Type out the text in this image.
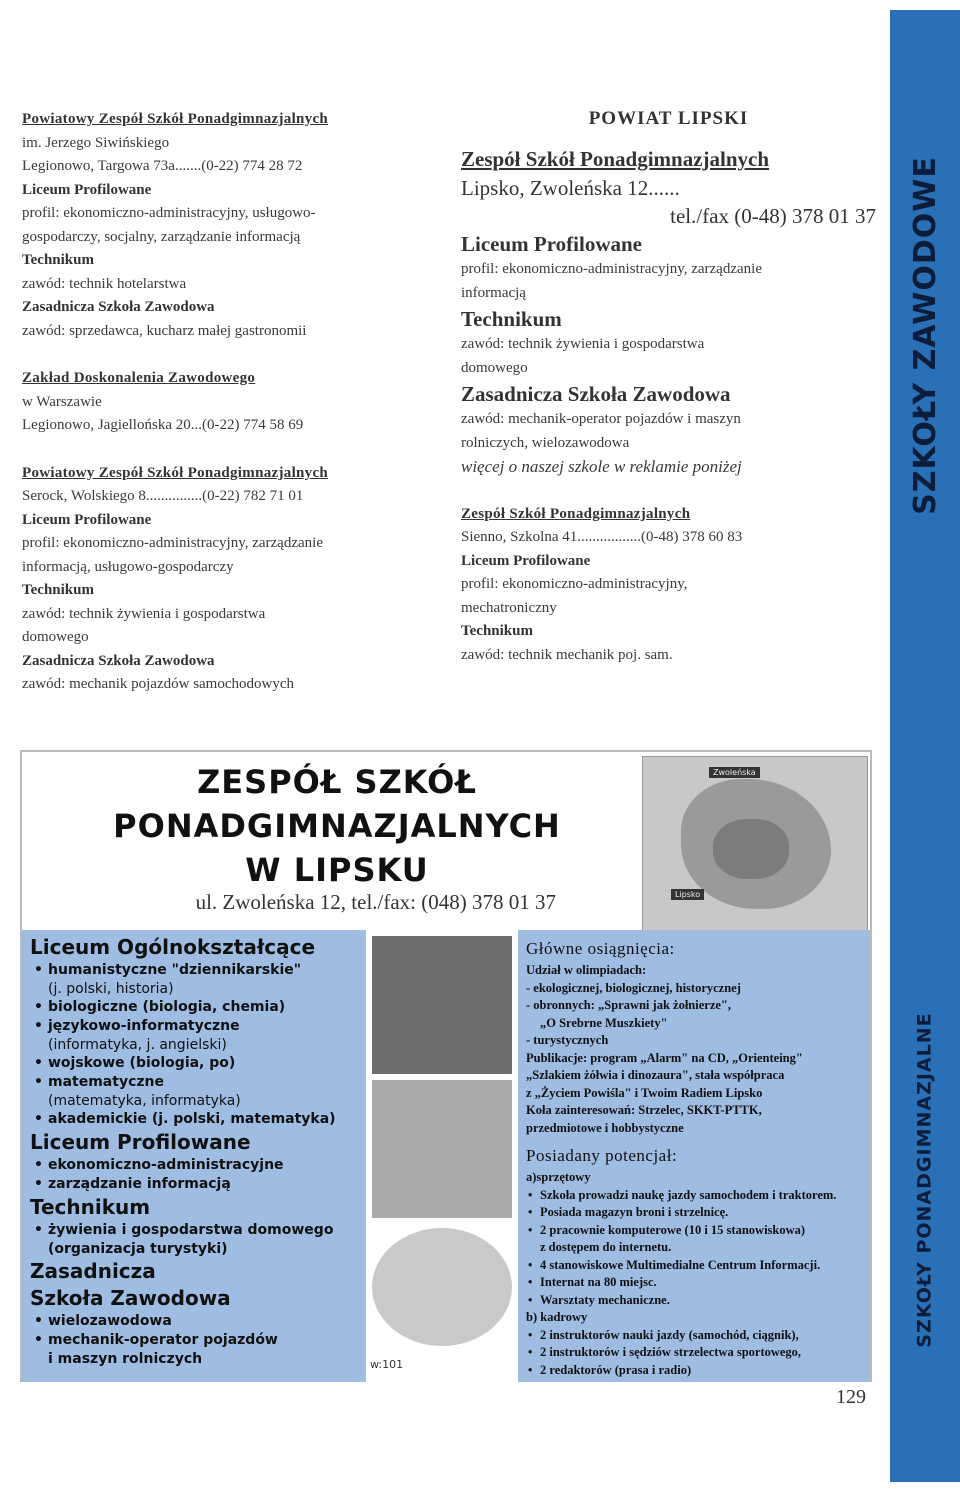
SZKOŁY ZAWODOWE
SZKOŁY PONADGIMNAZJALNE
Powiatowy Zespół Szkół Ponadgimnazjalnych
im. Jerzego Siwińskiego
Legionowo, Targowa 73a.......(0-22) 774 28 72
Liceum Profilowane
profil: ekonomiczno-administracyjny, usługowo-
gospodarczy, socjalny, zarządzanie informacją
Technikum
zawód: technik hotelarstwa
Zasadnicza Szkoła Zawodowa
zawód: sprzedawca, kucharz małej gastronomii
Zakład Doskonalenia Zawodowego
w Warszawie
Legionowo, Jagiellońska 20...(0-22) 774 58 69
Powiatowy Zespół Szkół Ponadgimnazjalnych
Serock, Wolskiego 8...............(0-22) 782 71 01
Liceum Profilowane
profil: ekonomiczno-administracyjny, zarządzanie
informacją, usługowo-gospodarczy
Technikum
zawód: technik żywienia i gospodarstwa
domowego
Zasadnicza Szkoła Zawodowa
zawód: mechanik pojazdów samochodowych
POWIAT LIPSKI
Zespół Szkół Ponadgimnazjalnych
Lipsko, Zwoleńska 12......
tel./fax (0-48) 378 01 37
Liceum Profilowane
profil: ekonomiczno-administracyjny, zarządzanie
informacją
Technikum
zawód: technik żywienia i gospodarstwa
domowego
Zasadnicza Szkoła Zawodowa
zawód: mechanik-operator pojazdów i maszyn
rolniczych, wielozawodowa
więcej o naszej szkole w reklamie poniżej
Zespół Szkół Ponadgimnazjalnych
Sienno, Szkolna 41.................(0-48) 378 60 83
Liceum Profilowane
profil: ekonomiczno-administracyjny,
mechatroniczny
Technikum
zawód: technik mechanik poj. sam.
ZESPÓŁ SZKÓŁ
PONADGIMNAZJALNYCH
W LIPSKU
ul. Zwoleńska 12, tel./fax: (048) 378 01 37
Zwoleńska
Lipsko
Liceum Ogólnokształcące
• humanistyczne "dziennikarskie"
(j. polski, historia)
• biologiczne (biologia, chemia)
• językowo-informatyczne
(informatyka, j. angielski)
• wojskowe (biologia, po)
• matematyczne
(matematyka, informatyka)
• akademickie (j. polski, matematyka)
Liceum Profilowane
• ekonomiczno-administracyjne
• zarządzanie informacją
Technikum
• żywienia i gospodarstwa domowego
(organizacja turystyki)
Zasadnicza
Szkoła Zawodowa
• wielozawodowa
• mechanik-operator pojazdów
i maszyn rolniczych	w:101
Główne osiągnięcia:
Udział w olimpiadach:
- ekologicznej, biologicznej, historycznej
- obronnych: „Sprawni jak żołnierze",
„O Srebrne Muszkiety"
- turystycznych
Publikacje: program „Alarm" na CD, „Orienteing"
„Szlakiem żółwia i dinozaura", stała współpraca
z „Życiem Powiśla" i Twoim Radiem Lipsko
Koła zainteresowań: Strzelec, SKKT-PTTK,
przedmiotowe i hobbystyczne
Posiadany potencjał:
a)sprzętowy
• Szkoła prowadzi naukę jazdy samochodem i traktorem.
• Posiada magazyn broni i strzelnicę.
• 2 pracownie komputerowe (10 i 15 stanowiskowa)
z dostępem do internetu.
• 4 stanowiskowe Multimedialne Centrum Informacji.
• Internat na 80 miejsc.
• Warsztaty mechaniczne.
b) kadrowy
• 2 instruktorów nauki jazdy (samochód, ciągnik),
• 2 instruktorów i sędziów strzelectwa sportowego,
• 2 redaktorów (prasa i radio)
129
